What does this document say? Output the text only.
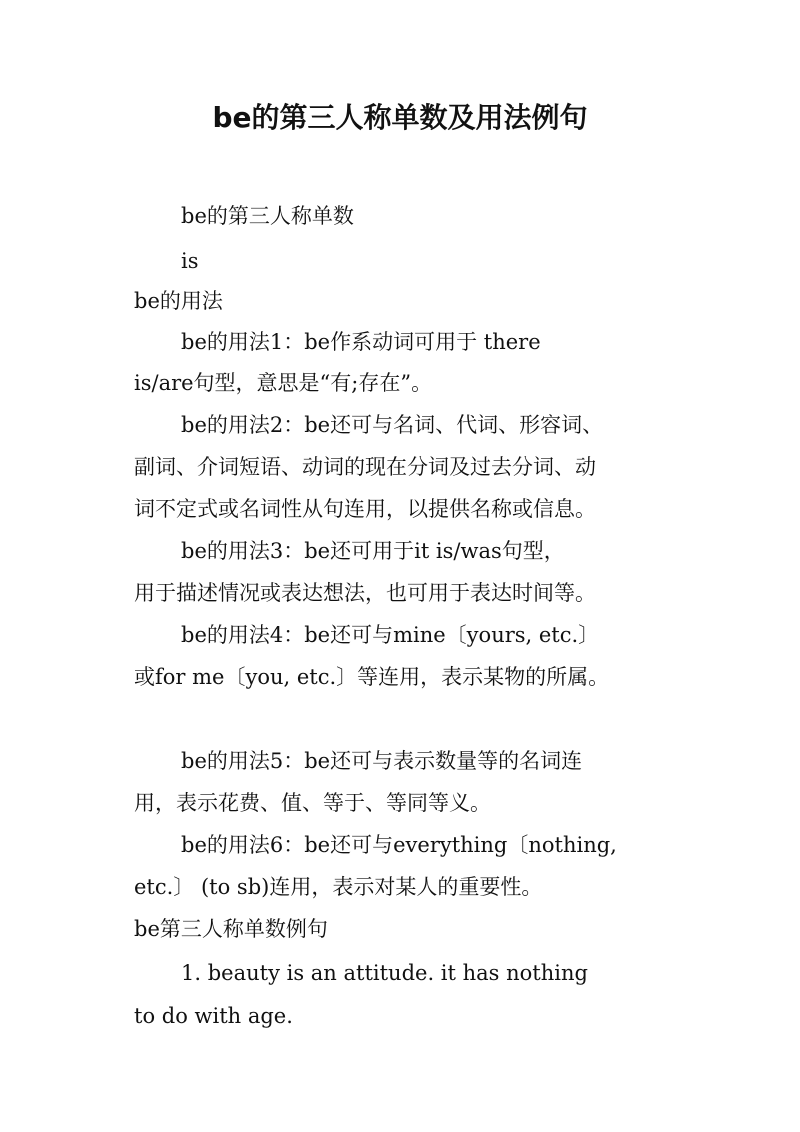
be的第三人称单数及用法例句
be的第三人称单数
is
be的用法
be的用法1：be作系动词可用于 there
is/are句型，意思是“有;存在”。
be的用法2：be还可与名词、代词、形容词、
副词、介词短语、动词的现在分词及过去分词、动
词不定式或名词性从句连用，以提供名称或信息。
be的用法3：be还可用于it is/was句型，
用于描述情况或表达想法，也可用于表达时间等。
be的用法4：be还可与mine〔yours, etc.〕
或for me〔you, etc.〕等连用，表示某物的所属。
be的用法5：be还可与表示数量等的名词连
用，表示花费、值、等于、等同等义。
be的用法6：be还可与everything〔nothing,
etc.〕 (to sb)连用，表示对某人的重要性。
be第三人称单数例句
1. beauty is an attitude. it has nothing
to do with age.
